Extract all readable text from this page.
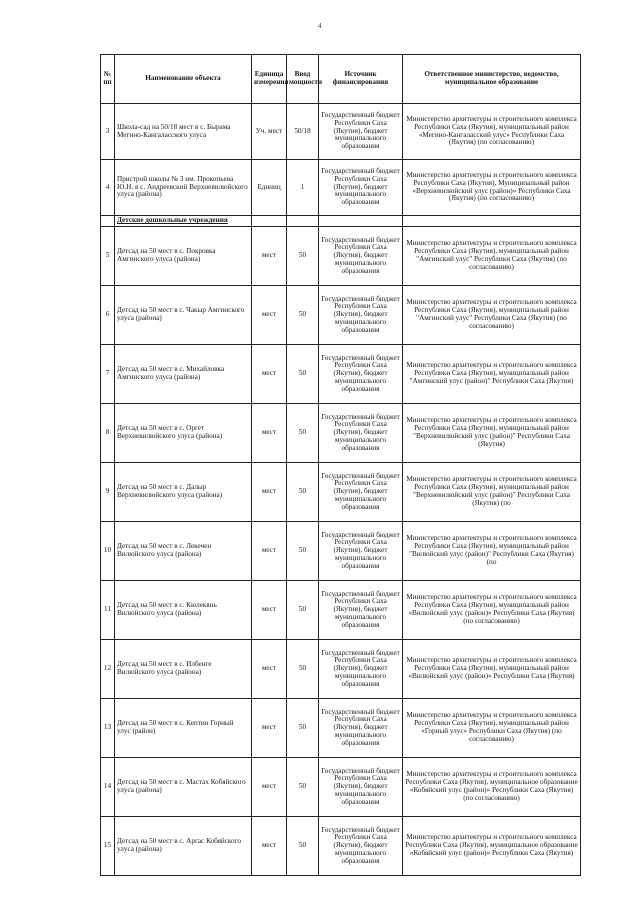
4
№ пп	Наименование объекта	Единица измерения	Ввод мощности	Источник финансирования	Ответственное министерство, ведомство, муниципальное образование
3	Школа-сад на 50/18 мест в с. Бырама Мегино-Кангаласского улуса	Уч. мест	50/18	Государственный бюджет Республики Саха (Якутия), бюджет муниципального образования	Министерство архитектуры и строительного комплекса Республики Саха (Якутия), муниципальный район «Мегино-Кангаласский улус» Республики Саха (Якутия) (по согласованию)
4	Пристрой школы № 3 им. Прокопьева Ю.Н. в с. Андреевский Верхневилюйского улуса (района)	Единиц	1	Государственный бюджет Республики Саха (Якутия), бюджет муниципального образования	Министерство архитектуры и строительного комплекса Республики Саха (Якутия), Муниципальный район «Верхневилюйский улус (район)» Республики Саха (Якутия) (по согласованию)
	Детские дошкольные учреждения				
5	Детсад на 50 мест в с. Покровка Амгинского улуса (района)	мест	50	Государственный бюджет Республики Саха (Якутия), бюджет муниципального образования	Министерство архитектуры и строительного комплекса Республики Саха (Якутия), муниципальный район "Амгинский улус" Республики Саха (Якутия) (по согласованию)
6	Детсад на 50 мест в с. Чакыр Амгинского улуса (района)	мест	50	Государственный бюджет Республики Саха (Якутия), бюджет муниципального образования	Министерство архитектуры и строительного комплекса Республики Саха (Якутия), муниципальный район "Амгинский улус" Республики Саха (Якутия) (по согласованию)
7	Детсад на 50 мест в с. Михайловка Амгинского улуса (района)	мест	50	Государственный бюджет Республики Саха (Якутия), бюджет муниципального образования	Министерство архитектуры и строительного комплекса Республики Саха (Якутия), муниципальный район "Амгинский улус (район)" Республики Саха (Якутия)
8	Детсад на 50 мест в с. Оргет Верхневилюйского улуса (района)	мест	50	Государственный бюджет Республики Саха (Якутия), бюджет муниципального образования	Министерство архитектуры и строительного комплекса Республики Саха (Якутия), муниципальный район "Верхневилюйский улус (район)" Республики Саха (Якутия)
9	Детсад на 50 мест в с. Далыр Верхневилюйского улуса (района)	мест	50	Государственный бюджет Республики Саха (Якутия), бюджет муниципального образования	Министерство архитектуры и строительного комплекса Республики Саха (Якутия), муниципальный район "Верхневилюйский улус (район)" Республики Саха (Якутия) (по
10	Детсад на 50 мест в с. Лекечен Вилюйского улуса (района)	мест	50	Государственный бюджет Республики Саха (Якутия), бюджет муниципального образования	Министерство архитектуры и строительного комплекса Республики Саха (Якутия), муниципальный район "Вилюйский улус (район)" Республики Саха (Якутия) (по
11	Детсад на 50 мест в с. Кюлекянь Вилюйского улуса (района)	мест	50	Государственный бюджет Республики Саха (Якутия), бюджет муниципального образования	Министерство архитектуры и строительного комплекса Республики Саха (Якутия), муниципальный район «Вилюйский улус (район)» Республики Саха (Якутия) (по согласованию)
12	Детсад на 50 мест в с. Илбенге Вилюйского улуса (района)	мест	50	Государственный бюджет Республики Саха (Якутия), бюджет муниципального образования	Министерство архитектуры и строительного комплекса Республики Саха (Якутия), муниципальный район «Вилюйский улус (район)» Республики Саха (Якутия)
13	Детсад на 50 мест в с. Кептин Горный улус (район)	мест	50	Государственный бюджет Республики Саха (Якутия), бюджет муниципального образования	Министерство архитектуры и строительного комплекса Республики Саха (Якутия), муниципальный район «Горный улус» Республики Саха (Якутия) (по согласованию)
14	Детсад на 50 мест в с. Мастах Кобяйского улуса (района)	мест	50	Государственный бюджет Республики Саха (Якутия), бюджет муниципального образования	Министерство архитектуры и строительного комплекса Республики Саха (Якутия), муниципальное образование «Кобяйский улус (район)» Республики Саха (Якутия) (по согласованию)
15	Детсад на 50 мест в с. Аргас Кобяйского улуса (района)	мест	50	Государственный бюджет Республики Саха (Якутия), бюджет муниципального образования	Министерство архитектуры и строительного комплекса Республики Саха (Якутия), муниципальное образование «Кобяйский улус (район)» Республики Саха (Якутия)
